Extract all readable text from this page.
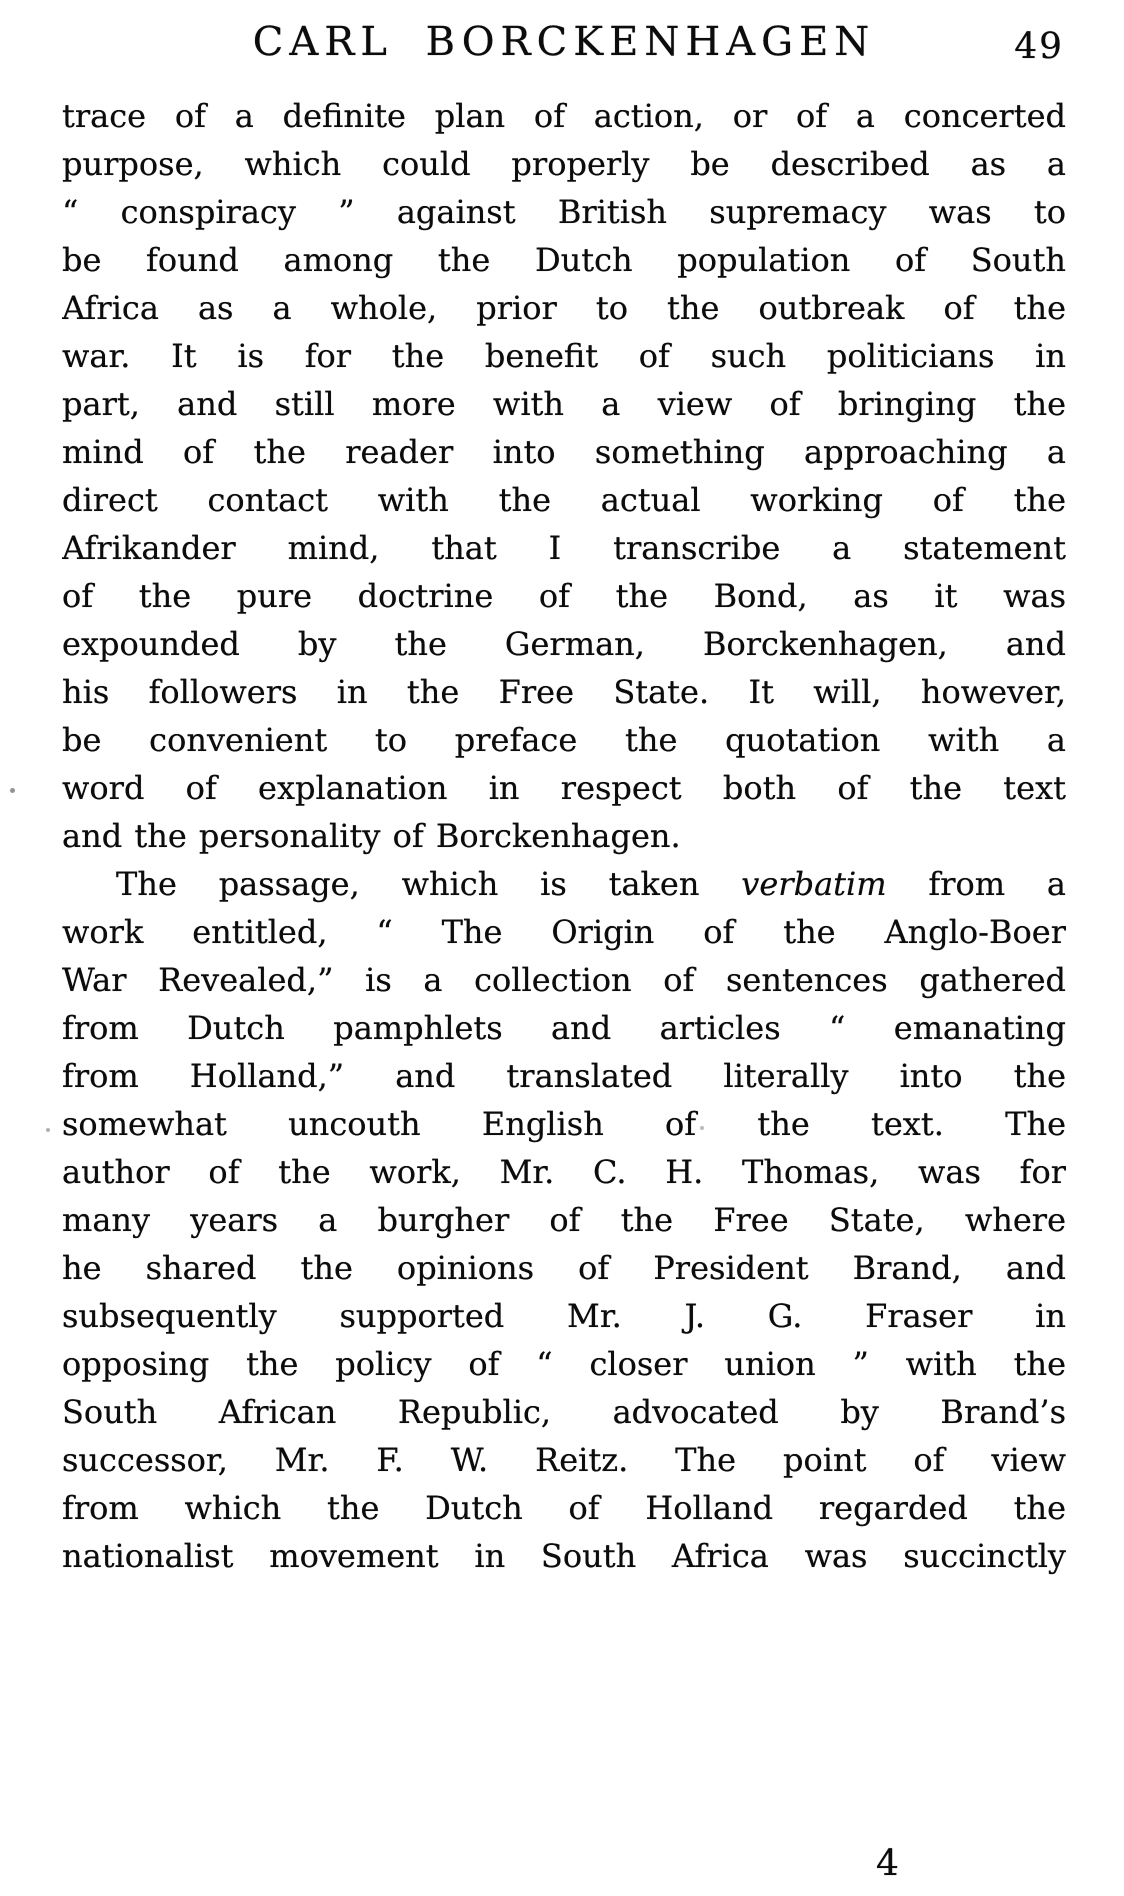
CARL BORCKENHAGEN	49
trace of a definite plan of action, or of a concerted
purpose, which could properly be described as a
“ conspiracy ” against British supremacy was to
be found among the Dutch population of South
Africa as a whole, prior to the outbreak of the
war. It is for the benefit of such politicians in
part, and still more with a view of bringing the
mind of the reader into something approaching a
direct contact with the actual working of the
Afrikander mind, that I transcribe a statement
of the pure doctrine of the Bond, as it was
expounded by the German, Borckenhagen, and
his followers in the Free State. It will, however,
be convenient to preface the quotation with a
word of explanation in respect both of the text
and the personality of Borckenhagen.
The passage, which is taken verbatim from a
work entitled, “ The Origin of the Anglo-Boer
War Revealed,” is a collection of sentences gathered
from Dutch pamphlets and articles “ emanating
from Holland,” and translated literally into the
somewhat uncouth English of the text. The
author of the work, Mr. C. H. Thomas, was for
many years a burgher of the Free State, where
he shared the opinions of President Brand, and
subsequently supported Mr. J. G. Fraser in
opposing the policy of “ closer union ” with the
South African Republic, advocated by Brand’s
successor, Mr. F. W. Reitz. The point of view
from which the Dutch of Holland regarded the
nationalist movement in South Africa was succinctly
4
